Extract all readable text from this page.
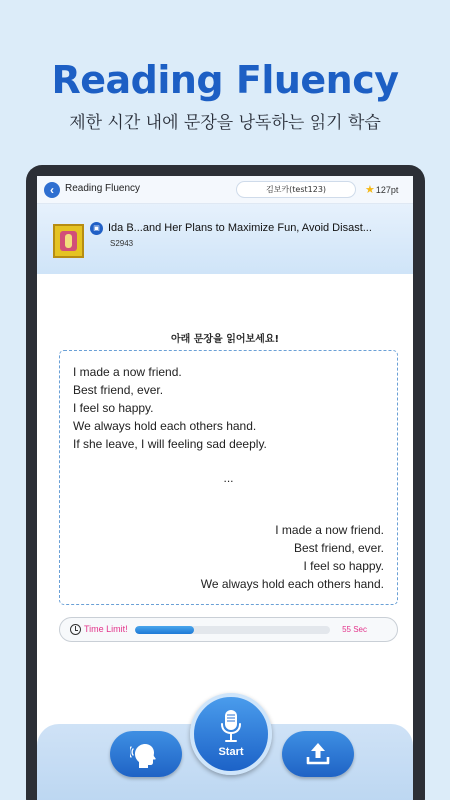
Reading Fluency
제한 시간 내에 문장을 낭독하는 읽기 학습
‹	Reading Fluency	김보카(test123)	★127pt
▣ Ida B...and Her Plans to Maximize Fun, Avoid Disast...
S2943
아래 문장을 읽어보세요!
I made a now friend.
Best friend, ever.
I feel so happy.
We always hold each others hand.
If she leave, I will feeling sad deeply.
...
I made a now friend.
Best friend, ever.
I feel so happy.
We always hold each others hand.
Time Limit!	55 Sec
Start
